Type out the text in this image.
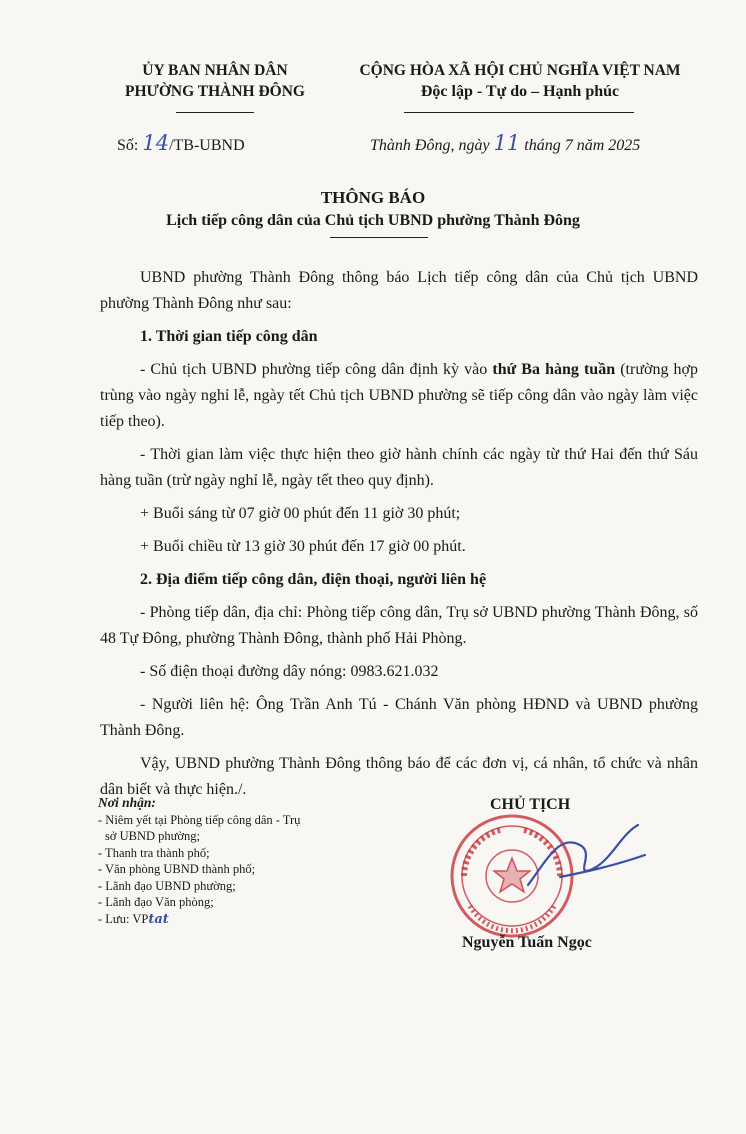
ỦY BAN NHÂN DÂN
PHƯỜNG THÀNH ĐÔNG
CỘNG HÒA XÃ HỘI CHỦ NGHĨA VIỆT NAM
Độc lập - Tự do – Hạnh phúc
Số: 14/TB-UBND	Thành Đông, ngày 11 tháng 7 năm 2025
THÔNG BÁO
Lịch tiếp công dân của Chủ tịch UBND phường Thành Đông

UBND phường Thành Đông thông báo Lịch tiếp công dân của Chủ tịch UBND phường Thành Đông như sau:

1. Thời gian tiếp công dân

- Chủ tịch UBND phường tiếp công dân định kỳ vào thứ Ba hàng tuần (trường hợp trùng vào ngày nghỉ lễ, ngày tết Chủ tịch UBND phường sẽ tiếp công dân vào ngày làm việc tiếp theo).

- Thời gian làm việc thực hiện theo giờ hành chính các ngày từ thứ Hai đến thứ Sáu hàng tuần (trừ ngày nghỉ lễ, ngày tết theo quy định).

+ Buổi sáng từ 07 giờ 00 phút đến 11 giờ 30 phút;

+ Buổi chiều từ 13 giờ 30 phút đến 17 giờ 00 phút.

2. Địa điểm tiếp công dân, điện thoại, người liên hệ

- Phòng tiếp dân, địa chỉ: Phòng tiếp công dân, Trụ sở UBND phường Thành Đông, số 48 Tự Đông, phường Thành Đông, thành phố Hải Phòng.

- Số điện thoại đường dây nóng: 0983.621.032

- Người liên hệ: Ông Trần Anh Tú - Chánh Văn phòng HĐND và UBND phường Thành Đông.

Vậy, UBND phường Thành Đông thông báo để các đơn vị, cá nhân, tổ chức và nhân dân biết và thực hiện./.

Nơi nhận:
- Niêm yết tại Phòng tiếp công dân - Trụ
sở UBND phường;
- Thanh tra thành phố;
- Văn phòng UBND thành phố;
- Lãnh đạo UBND phường;
- Lãnh đạo Văn phòng;
- Lưu: VPtat
CHỦ TỊCH
Nguyễn Tuấn Ngọc
